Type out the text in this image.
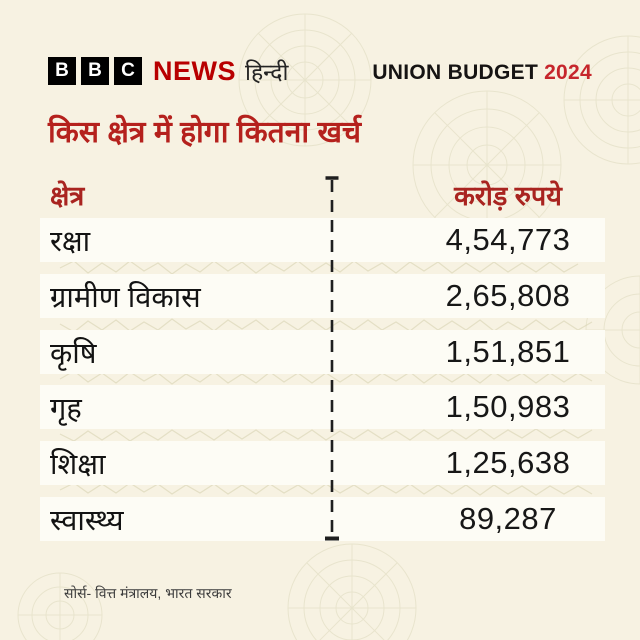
B	B	C NEWS हिन्दी	UNION BUDGET 2024
किस क्षेत्र में होगा कितना खर्च
क्षेत्र	करोड़ रुपये
रक्षा	4,54,773
ग्रामीण विकास	2,65,808
कृषि	1,51,851
गृह	1,50,983
शिक्षा	1,25,638
स्वास्थ्य	89,287
सोर्स- वित्त मंत्रालय, भारत सरकार
